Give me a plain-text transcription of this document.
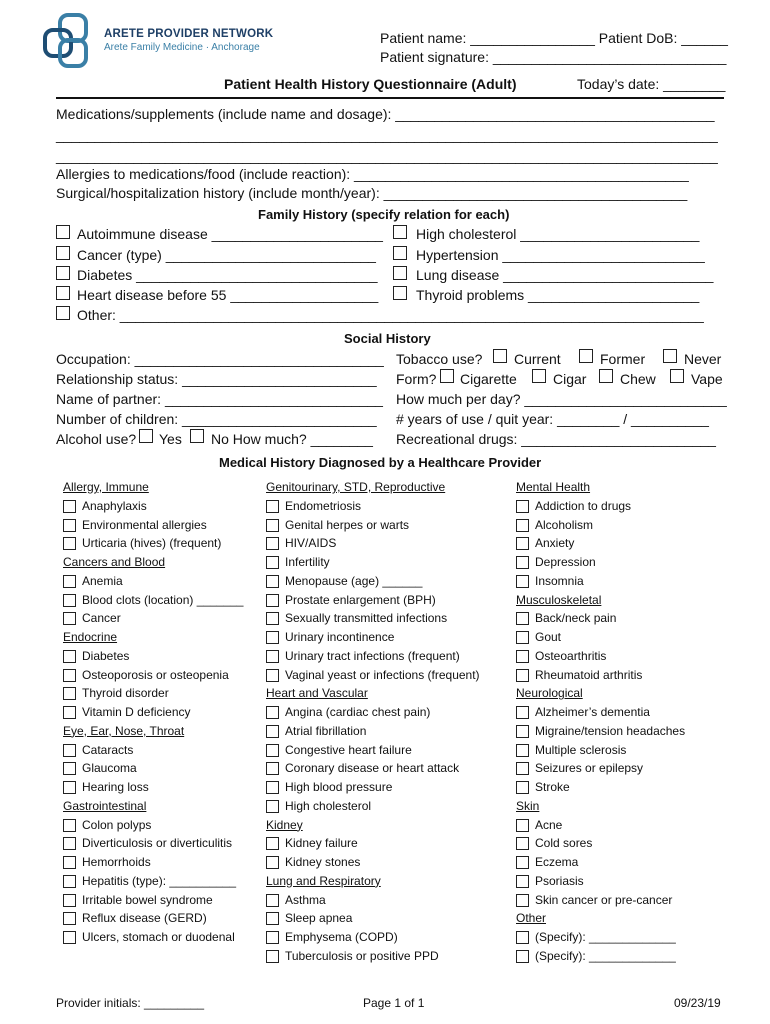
ARETE PROVIDER NETWORK
Arete Family Medicine · Anchorage
Patient name: ________________ Patient DoB: ______
Patient signature: ______________________________
Patient Health History Questionnaire (Adult)	Today’s date: ________
Medications/supplements (include name and dosage): _________________________________________
_____________________________________________________________________________________
_____________________________________________________________________________________
Allergies to medications/food (include reaction): ___________________________________________
Surgical/hospitalization history (include month/year): _______________________________________
Family History (specify relation for each)
Autoimmune disease ______________________
Cancer (type) ___________________________
Diabetes _______________________________
Heart disease before 55 ___________________
Other: ___________________________________________________________________________
High cholesterol _______________________
Hypertension __________________________
Lung disease ___________________________
Thyroid problems ______________________
Social History
Occupation: ________________________________
Relationship status: _________________________
Name of partner: ____________________________
Number of children: _________________________
Alcohol use? Yes No How much? ________
Tobacco use? Current	Former	Never
Form? Cigarette	Cigar Chew	Vape
How much per day? __________________________
# years of use / quit year: ________ / __________
Recreational drugs: _________________________
Medical History Diagnosed by a Healthcare Provider
Allergy, Immune
Anaphylaxis
Environmental allergies
Urticaria (hives) (frequent)
Cancers and Blood
Anemia
Blood clots (location) _______
Cancer
Endocrine
Diabetes
Osteoporosis or osteopenia
Thyroid disorder
Vitamin D deficiency
Eye, Ear, Nose, Throat
Cataracts
Glaucoma
Hearing loss
Gastrointestinal
Colon polyps
Diverticulosis or diverticulitis
Hemorrhoids
Hepatitis (type): __________
Irritable bowel syndrome
Reflux disease (GERD)
Ulcers, stomach or duodenal
Genitourinary, STD, Reproductive
Endometriosis
Genital herpes or warts
HIV/AIDS
Infertility
Menopause (age) ______
Prostate enlargement (BPH)
Sexually transmitted infections
Urinary incontinence
Urinary tract infections (frequent)
Vaginal yeast or infections (frequent)
Heart and Vascular
Angina (cardiac chest pain)
Atrial fibrillation
Congestive heart failure
Coronary disease or heart attack
High blood pressure
High cholesterol
Kidney
Kidney failure
Kidney stones
Lung and Respiratory
Asthma
Sleep apnea
Emphysema (COPD)
Tuberculosis or positive PPD
Mental Health
Addiction to drugs
Alcoholism
Anxiety
Depression
Insomnia
Musculoskeletal
Back/neck pain
Gout
Osteoarthritis
Rheumatoid arthritis
Neurological
Alzheimer’s dementia
Migraine/tension headaches
Multiple sclerosis
Seizures or epilepsy
Stroke
Skin
Acne
Cold sores
Eczema
Psoriasis
Skin cancer or pre-cancer
Other
(Specify): _____________
(Specify): _____________
Provider initials: _________	Page 1 of 1	09/23/19
